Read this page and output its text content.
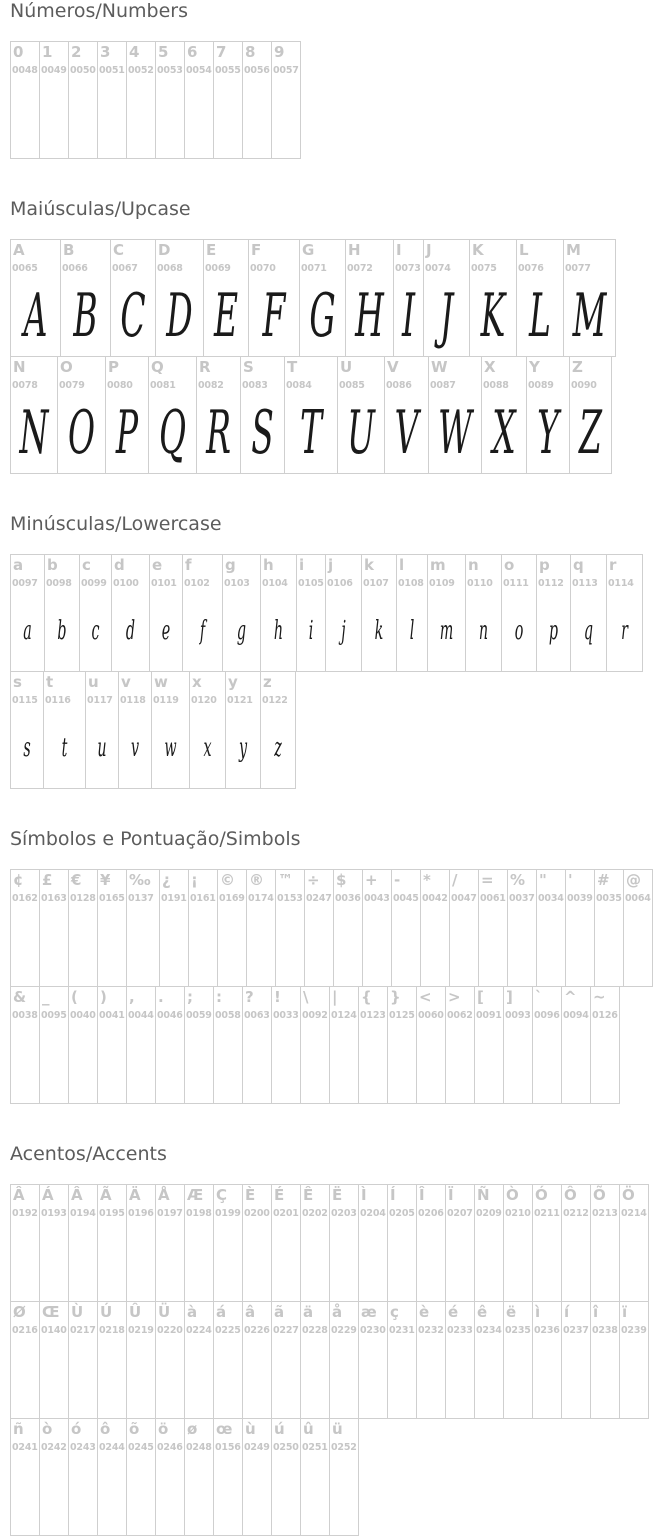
Números/Numbers
0
0048
1
0049
2
0050
3
0051
4
0052
5
0053
6
0054
7
0055
8
0056
9
0057
Maiúsculas/Upcase
A
0065
A
B
0066
B
C
0067
C
D
0068
D
E
0069
E
F
0070
F
G
0071
G
H
0072
H
I
0073
I
J
0074
J
K
0075
K
L
0076
L
M
0077
M
N
0078
N
O
0079
O
P
0080
P
Q
0081
Q
R
0082
R
S
0083
S
T
0084
T
U
0085
U
V
0086
V
W
0087
W
X
0088
X
Y
0089
Y
Z
0090
Z
Minúsculas/Lowercase
a
0097
a
b
0098
b
c
0099
c
d
0100
d
e
0101
e
f
0102
f
g
0103
g
h
0104
h
i
0105
i
j
0106
j
k
0107
k
l
0108
l
m
0109
m
n
0110
n
o
0111
o
p
0112
p
q
0113
q
r
0114
r
s
0115
s
t
0116
t
u
0117
u
v
0118
v
w
0119
w
x
0120
x
y
0121
y
z
0122
z
Símbolos e Pontuação/Simbols
¢
0162
£
0163
€
0128
¥
0165
‰
0137
¿
0191
¡
0161
©
0169
®
0174
™
0153
÷
0247
$
0036
+
0043
-
0045
*
0042
/
0047
=
0061
%
0037
"
0034
'
0039
#
0035
@
0064
&
0038
_
0095
(
0040
)
0041
,
0044
.
0046
;
0059
:
0058
?
0063
!
0033
\
0092
|
0124
{
0123
}
0125
<
0060
>
0062
[
0091
]
0093
`
0096
^
0094
~
0126
Acentos/Accents
Â
0192
Á
0193
Â
0194
Ã
0195
Ä
0196
Å
0197
Æ
0198
Ç
0199
È
0200
É
0201
Ê
0202
Ë
0203
Ì
0204
Í
0205
Î
0206
Ï
0207
Ñ
0209
Ò
0210
Ó
0211
Ô
0212
Õ
0213
Ö
0214
Ø
0216
Œ
0140
Ù
0217
Ú
0218
Û
0219
Ü
0220
à
0224
á
0225
â
0226
ã
0227
ä
0228
å
0229
æ
0230
ç
0231
è
0232
é
0233
ê
0234
ë
0235
ì
0236
í
0237
î
0238
ï
0239
ñ
0241
ò
0242
ó
0243
ô
0244
õ
0245
ö
0246
ø
0248
œ
0156
ù
0249
ú
0250
û
0251
ü
0252
